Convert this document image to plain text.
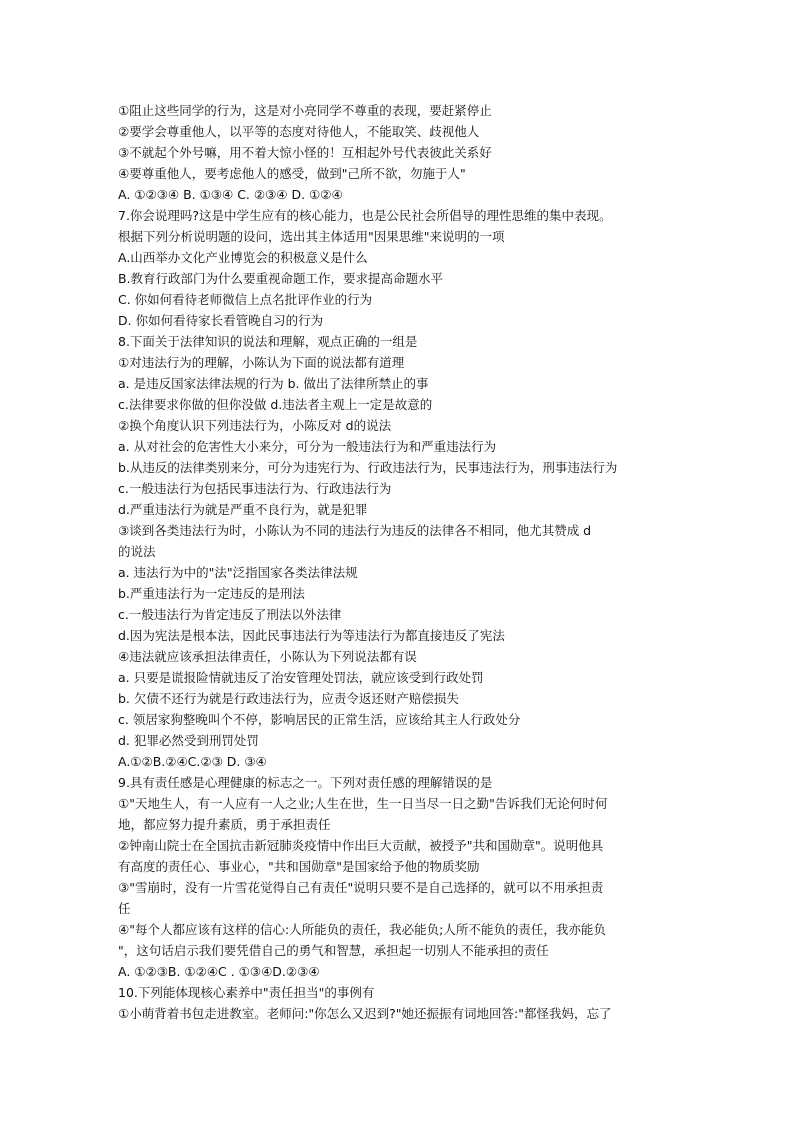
①阻止这些同学的行为，这是对小亮同学不尊重的表现，要赶紧停止
②要学会尊重他人，以平等的态度对待他人，不能取笑、歧视他人
③不就起个外号嘛，用不着大惊小怪的！互相起外号代表彼此关系好
④要尊重他人，要考虑他人的感受，做到"己所不欲，勿施于人"
A. ①②③④ B. ①③④ C. ②③④ D. ①②④
7.你会说理吗?这是中学生应有的核心能力，也是公民社会所倡导的理性思维的集中表现。
根据下列分析说明题的设问，选出其主体适用"因果思维"来说明的一项
A.山西举办文化产业博览会的积极意义是什么
B.教育行政部门为什么要重视命题工作，要求提高命题水平
C. 你如何看待老师微信上点名批评作业的行为
D. 你如何看待家长看管晚自习的行为
8.下面关于法律知识的说法和理解，观点正确的一组是
①对违法行为的理解，小陈认为下面的说法都有道理
a. 是违反国家法律法规的行为 b. 做出了法律所禁止的事
c.法律要求你做的但你没做 d.违法者主观上一定是故意的
②换个角度认识下列违法行为，小陈反对 d的说法
a. 从对社会的危害性大小来分，可分为一般违法行为和严重违法行为
b.从违反的法律类别来分，可分为违宪行为、行政违法行为，民事违法行为，刑事违法行为
c.一般违法行为包括民事违法行为、行政违法行为
d.严重违法行为就是严重不良行为，就是犯罪
③谈到各类违法行为时，小陈认为不同的违法行为违反的法律各不相同，他尤其赞成 d
的说法
a. 违法行为中的"法"泛指国家各类法律法规
b.严重违法行为一定违反的是刑法
c.一般违法行为肯定违反了刑法以外法律
d.因为宪法是根本法，因此民事违法行为等违法行为都直接违反了宪法
④违法就应该承担法律责任，小陈认为下列说法都有误
a. 只要是谎报险情就违反了治安管理处罚法，就应该受到行政处罚
b. 欠债不还行为就是行政违法行为，应责令返还财产赔偿损失
c. 领居家狗整晚叫个不停，影响居民的正常生活，应该给其主人行政处分
d. 犯罪必然受到刑罚处罚
A.①②B.②④C.②③ D. ③④
9.具有责任感是心理健康的标志之一。下列对责任感的理解错误的是
①"天地生人，有一人应有一人之业;人生在世，生一日当尽一日之勤"告诉我们无论何时何
地，都应努力提升素质，勇于承担责任
②钟南山院士在全国抗击新冠肺炎疫情中作出巨大贡献，被授予"共和国勋章"。说明他具
有高度的责任心、事业心，"共和国勋章"是国家给予他的物质奖励
③"雪崩时，没有一片雪花觉得自己有责任"说明只要不是自己选择的，就可以不用承担责
任
④"每个人都应该有这样的信心:人所能负的责任，我必能负;人所不能负的责任，我亦能负
"，这句话启示我们要凭借自己的勇气和智慧，承担起一切别人不能承担的责任
A. ①②③B. ①②④C . ①③④D.②③④
10.下列能体现核心素养中"责任担当"的事例有
①小萌背着书包走进教室。老师问:"你怎么又迟到?"她还振振有词地回答:"都怪我妈，忘了
